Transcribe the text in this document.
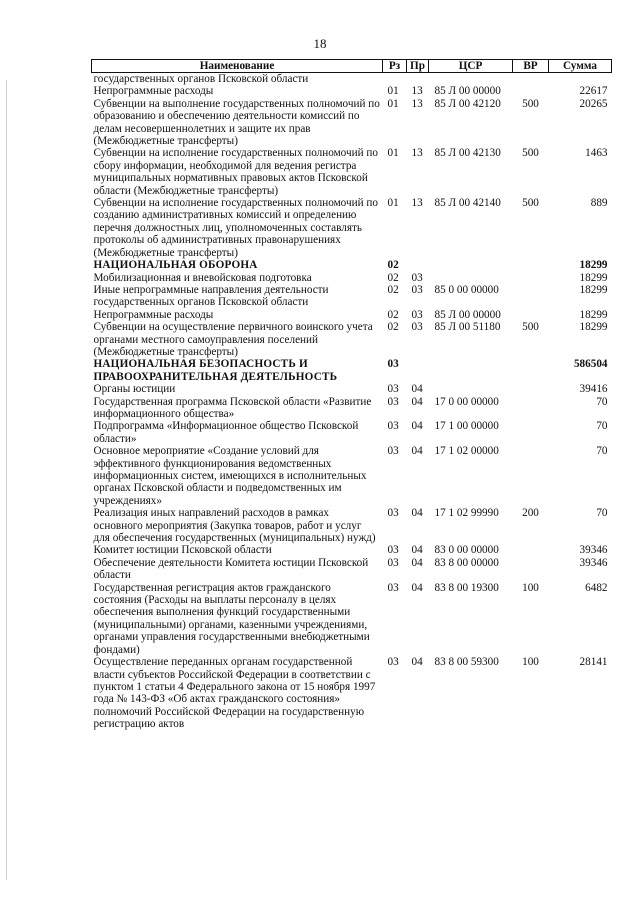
18
Наименование	Рз	Пр	ЦСР	ВР	Сумма
государственных органов Псковской области					
Непрограммные расходы	01	13	85 Л 00 00000		22617
Субвенции на выполнение государственных полномочий по образованию и обеспечению деятельности комиссий по делам несовершеннолетних и защите их прав (Межбюджетные трансферты)	01	13	85 Л 00 42120	500	20265
Субвенции на исполнение государственных полномочий по сбору информации, необходимой для ведения регистра муниципальных нормативных правовых актов Псковской области (Межбюджетные трансферты)	01	13	85 Л 00 42130	500	1463
Субвенции на исполнение государственных полномочий по созданию административных комиссий и определению перечня должностных лиц, уполномоченных составлять протоколы об административных правонарушениях (Межбюджетные трансферты)	01	13	85 Л 00 42140	500	889
НАЦИОНАЛЬНАЯ ОБОРОНА	02				18299
Мобилизационная и вневойсковая подготовка	02	03			18299
Иные непрограммные направления деятельности государственных органов Псковской области	02	03	85 0 00 00000		18299
Непрограммные расходы	02	03	85 Л 00 00000		18299
Субвенции на осуществление первичного воинского учета органами местного самоуправления поселений (Межбюджетные трансферты)	02	03	85 Л 00 51180	500	18299
НАЦИОНАЛЬНАЯ БЕЗОПАСНОСТЬ И ПРАВООХРАНИТЕЛЬНАЯ ДЕЯТЕЛЬНОСТЬ	03				586504
Органы юстиции	03	04			39416
Государственная программа Псковской области «Развитие информационного общества»	03	04	17 0 00 00000		70
Подпрограмма «Информационное общество Псковской области»	03	04	17 1 00 00000		70
Основное мероприятие «Создание условий для эффективного функционирования ведомственных информационных систем, имеющихся в исполнительных органах Псковской области и подведомственных им учреждениях»	03	04	17 1 02 00000		70
Реализация иных направлений расходов в рамках основного мероприятия (Закупка товаров, работ и услуг для обеспечения государственных (муниципальных) нужд)	03	04	17 1 02 99990	200	70
Комитет юстиции Псковской области	03	04	83 0 00 00000		39346
Обеспечение деятельности Комитета юстиции Псковской области	03	04	83 8 00 00000		39346
Государственная регистрация актов гражданского состояния (Расходы на выплаты персоналу в целях обеспечения выполнения функций государственными (муниципальными) органами, казенными учреждениями, органами управления государственными внебюджетными фондами)	03	04	83 8 00 19300	100	6482
Осуществление переданных органам государственной власти субъектов Российской Федерации в соответствии с пунктом 1 статьи 4 Федерального закона от 15 ноября 1997 года № 143-ФЗ «Об актах гражданского состояния» полномочий Российской Федерации на государственную регистрацию актов	03	04	83 8 00 59300	100	28141
